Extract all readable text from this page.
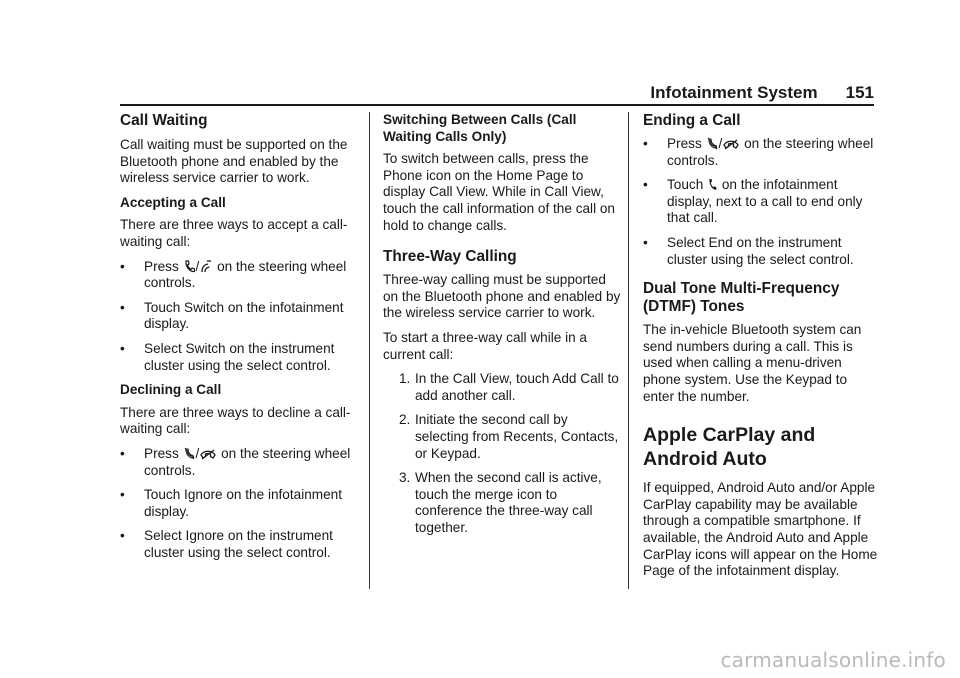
Infotainment System 151
Call Waiting

Call waiting must be supported on the Bluetooth phone and enabled by the wireless service carrier to work.

Accepting a Call

There are three ways to accept a call-waiting call:

•	Press / on the steering wheel controls.
•	Touch Switch on the infotainment display.
•	Select Switch on the instrument cluster using the select control.
Declining a Call

There are three ways to decline a call-waiting call:

•	Press / on the steering wheel controls.
•	Touch Ignore on the infotainment display.
•	Select Ignore on the instrument cluster using the select control.
Switching Between Calls (Call Waiting Calls Only)

To switch between calls, press the Phone icon on the Home Page to display Call View. While in Call View, touch the call information of the call on hold to change calls.

Three-Way Calling

Three-way calling must be supported on the Bluetooth phone and enabled by the wireless service carrier to work.

To start a three-way call while in a current call:

1. In the Call View, touch Add Call to add another call.
2. Initiate the second call by selecting from Recents, Contacts, or Keypad.
3. When the second call is active, touch the merge icon to conference the three-way call together.
Ending a Call
•	Press / on the steering wheel controls.
•	Touch on the infotainment display, next to a call to end only that call.
•	Select End on the instrument cluster using the select control.
Dual Tone Multi-Frequency (DTMF) Tones

The in-vehicle Bluetooth system can send numbers during a call. This is used when calling a menu-driven phone system. Use the Keypad to enter the number.

Apple CarPlay and Android Auto

If equipped, Android Auto and/or Apple CarPlay capability may be available through a compatible smartphone. If available, the Android Auto and Apple CarPlay icons will appear on the Home Page of the infotainment display.

carmanualsonline.info
